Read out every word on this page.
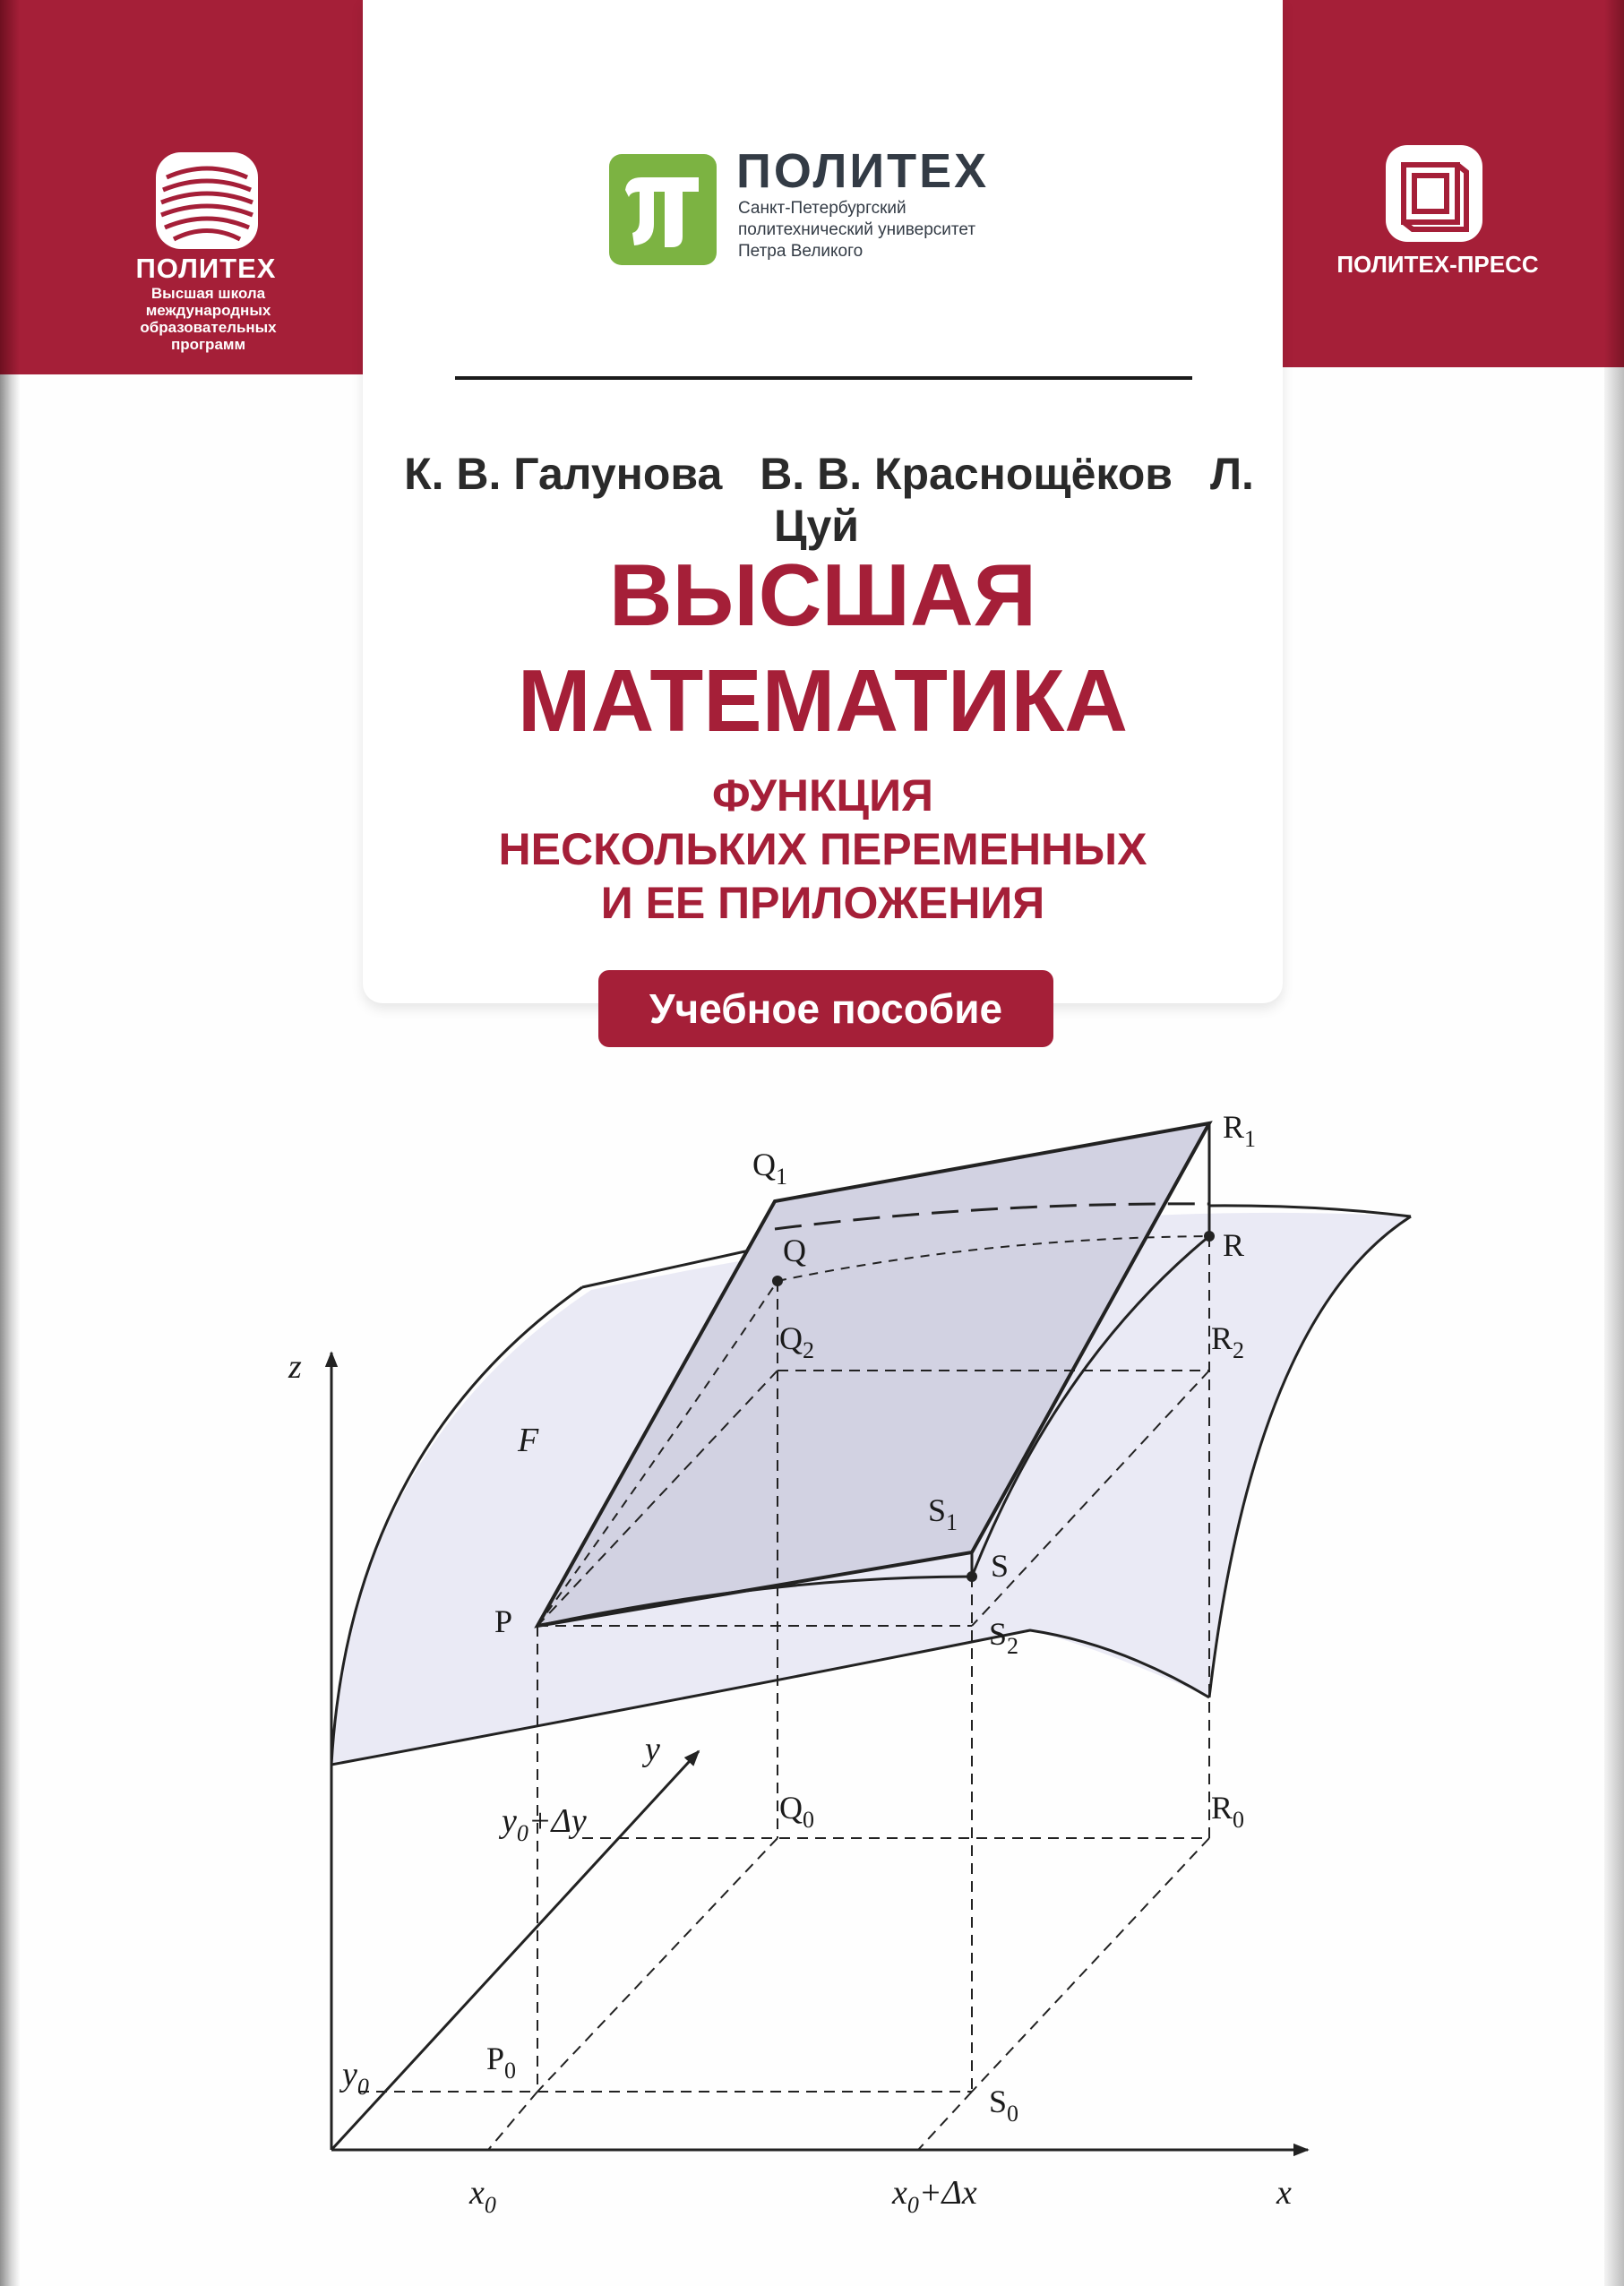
ПОЛИТЕХ
Высшая школа
международных
образовательных
программ
ПОЛИТЕХ-ПРЕСС
ПОЛИТЕХ
Санкт-Петербургский
политехнический университет
Петра Великого
К. В. Галунова В. В. Краснощёков Л. Цуй
ВЫСШАЯ
МАТЕМАТИКА
ФУНКЦИЯ
НЕСКОЛЬКИХ ПЕРЕМЕННЫХ
И ЕЕ ПРИЛОЖЕНИЯ
Учебное пособие
F
z
x
y
$Q_1$
$R_1$
Q	R
$Q_2$	$R_2$
$S_1$
S
P	$S_2$
$Q_0$	$R_0$
$P_0$
$S_0$
$y_0+\Delta y$
$y_0$
$x_0$	$x_0+\Delta x$
